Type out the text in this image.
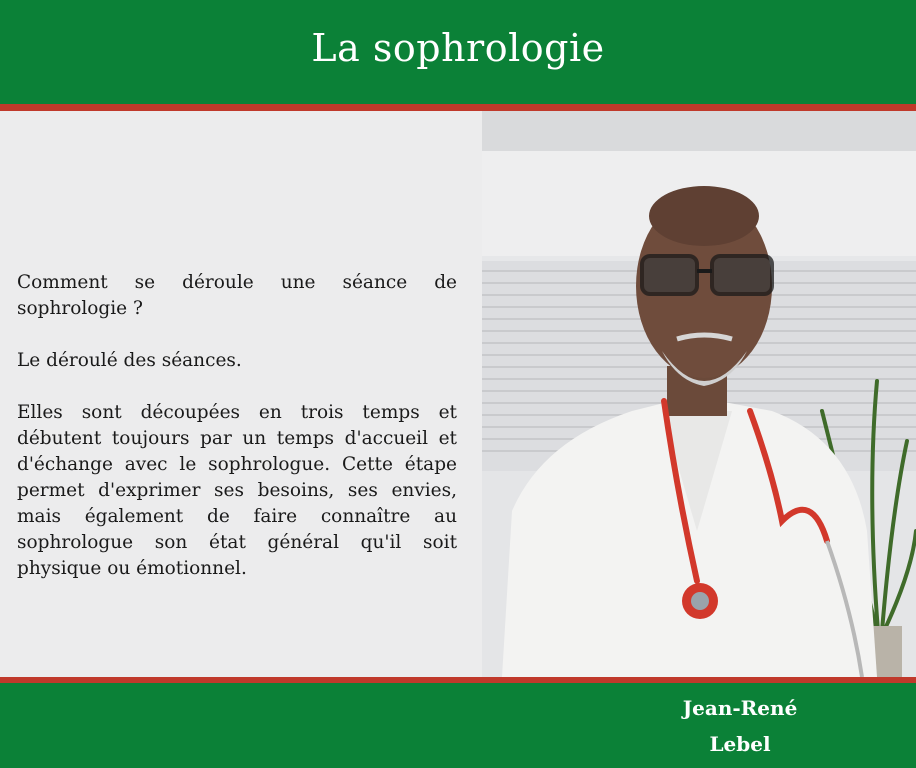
La sophrologie

Comment se déroule une séance de sophrologie ?

Le déroulé des séances.

Elles sont découpées en trois temps et débutent toujours par un temps d'accueil et d'échange avec le sophrologue. Cette étape permet d'exprimer ses besoins, ses envies, mais également de faire connaître au sophrologue son état général qu'il soit physique ou émotionnel.

Jean-René
Lebel
